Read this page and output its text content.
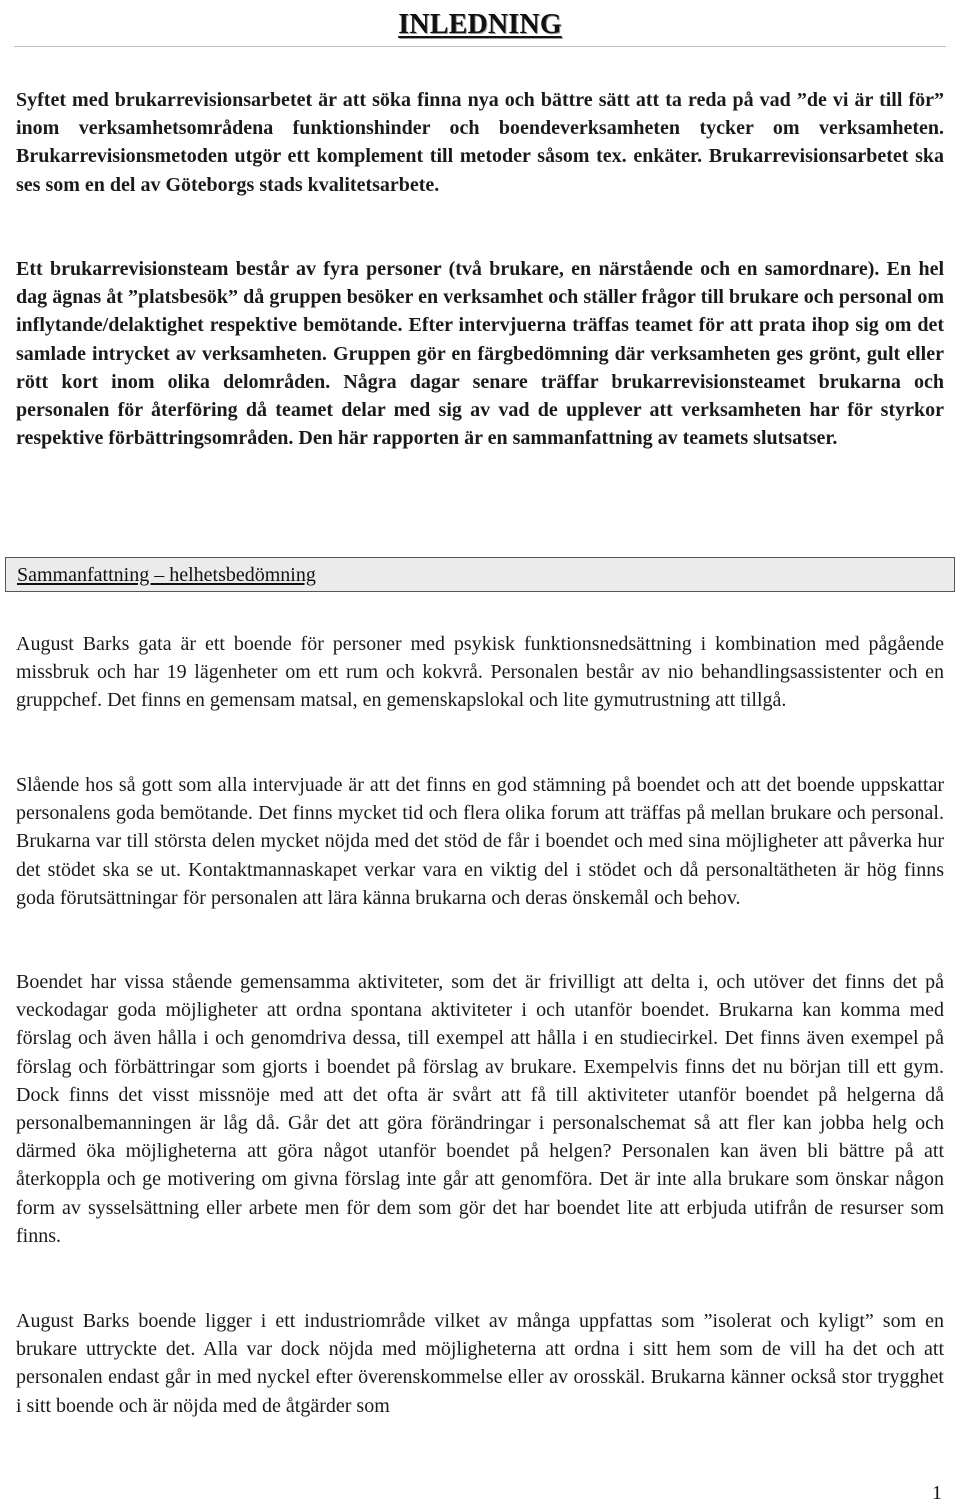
INLEDNING

Syftet med brukarrevisionsarbetet är att söka finna nya och bättre sätt att ta reda på vad ”de vi är till för” inom verksamhetsområdena funktionshinder och boendeverksamheten tycker om verksamheten. Brukarrevisionsmetoden utgör ett komplement till metoder såsom tex. enkäter. Brukarrevisionsarbetet ska ses som en del av Göteborgs stads kvalitetsarbete.

Ett brukarrevisionsteam består av fyra personer (två brukare, en närstående och en samordnare). En hel dag ägnas åt ”platsbesök” då gruppen besöker en verksamhet och ställer frågor till brukare och personal om inflytande/delaktighet respektive bemötande. Efter intervjuerna träffas teamet för att prata ihop sig om det samlade intrycket av verksamheten. Gruppen gör en färgbedömning där verksamheten ges grönt, gult eller rött kort inom olika delområden. Några dagar senare träffar brukarrevisionsteamet brukarna och personalen för återföring då teamet delar med sig av vad de upplever att verksamheten har för styrkor respektive förbättringsområden. Den här rapporten är en sammanfattning av teamets slutsatser.

Sammanfattning – helhetsbedömning

August Barks gata är ett boende för personer med psykisk funktionsnedsättning i kombination med pågående missbruk och har 19 lägenheter om ett rum och kokvrå. Personalen består av nio behandlingsassistenter och en gruppchef. Det finns en gemensam matsal, en gemenskapslokal och lite gymutrustning att tillgå.

Slående hos så gott som alla intervjuade är att det finns en god stämning på boendet och att det boende uppskattar personalens goda bemötande. Det finns mycket tid och flera olika forum att träffas på mellan brukare och personal. Brukarna var till största delen mycket nöjda med det stöd de får i boendet och med sina möjligheter att påverka hur det stödet ska se ut. Kontaktmannaskapet verkar vara en viktig del i stödet och då personaltätheten är hög finns goda förutsättningar för personalen att lära känna brukarna och deras önskemål och behov.

Boendet har vissa stående gemensamma aktiviteter, som det är frivilligt att delta i, och utöver det finns det på veckodagar goda möjligheter att ordna spontana aktiviteter i och utanför boendet. Brukarna kan komma med förslag och även hålla i och genomdriva dessa, till exempel att hålla i en studiecirkel. Det finns även exempel på förslag och förbättringar som gjorts i boendet på förslag av brukare. Exempelvis finns det nu början till ett gym. Dock finns det visst missnöje med att det ofta är svårt att få till aktiviteter utanför boendet på helgerna då personalbemanningen är låg då. Går det att göra förändringar i personalschemat så att fler kan jobba helg och därmed öka möjligheterna att göra något utanför boendet på helgen? Personalen kan även bli bättre på att återkoppla och ge motivering om givna förslag inte går att genomföra. Det är inte alla brukare som önskar någon form av sysselsättning eller arbete men för dem som gör det har boendet lite att erbjuda utifrån de resurser som finns.

August Barks boende ligger i ett industriområde vilket av många uppfattas som ”isolerat och kyligt” som en brukare uttryckte det. Alla var dock nöjda med möjligheterna att ordna i sitt hem som de vill ha det och att personalen endast går in med nyckel efter överenskommelse eller av orosskäl. Brukarna känner också stor trygghet i sitt boende och är nöjda med de åtgärder som

1
